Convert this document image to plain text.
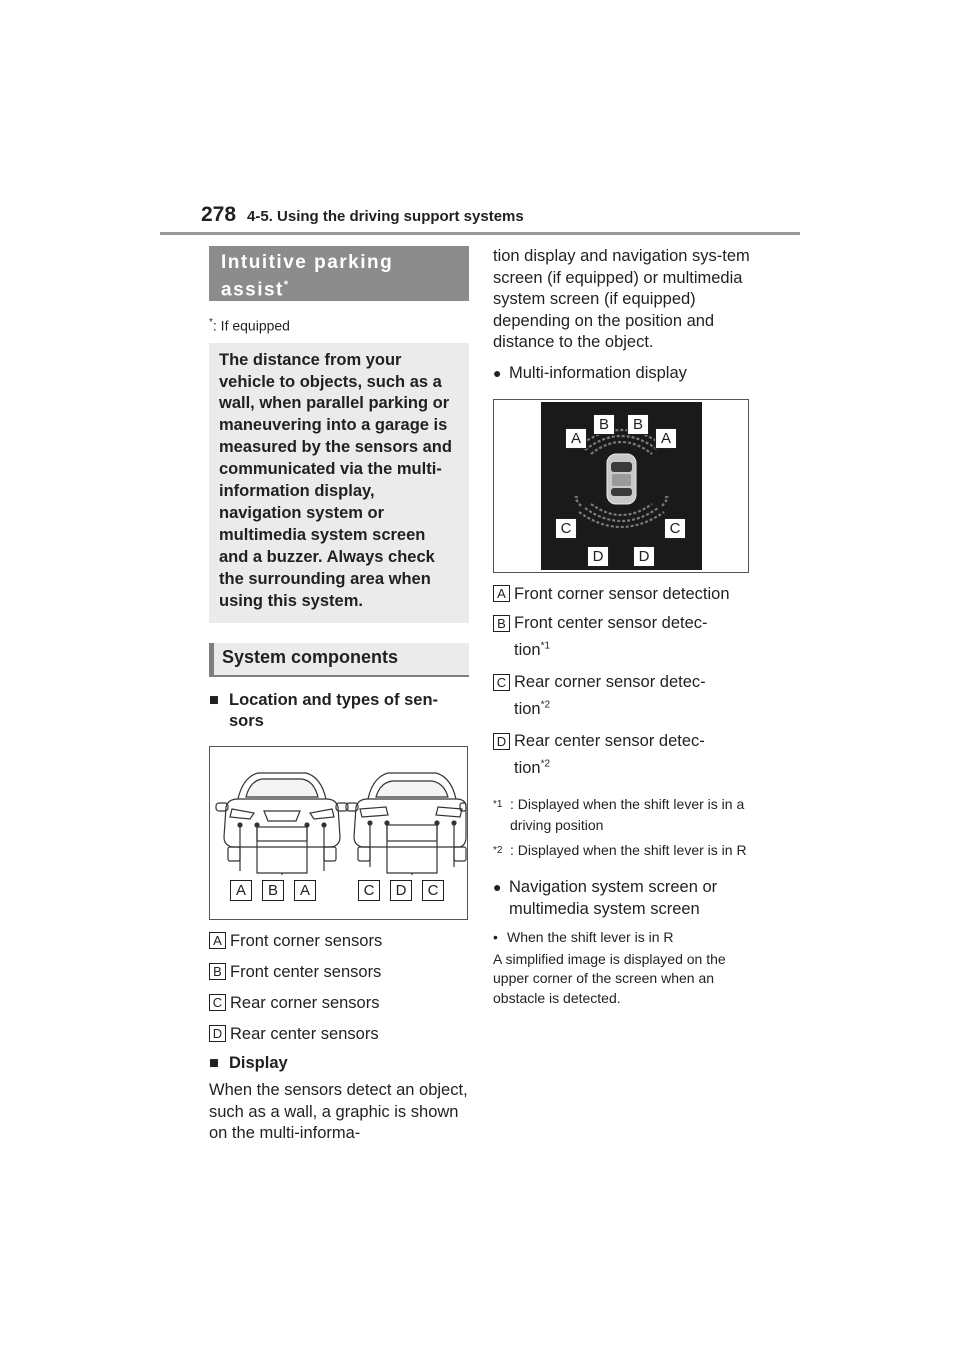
278 4-5. Using the driving support systems
Intuitive parking assist*
*: If equipped
The distance from your vehicle to objects, such as a wall, when parallel parking or maneuvering into a garage is measured by the sensors and communicated via the multi-information display, navigation system or multimedia system screen and a buzzer. Always check the surrounding area when using this system.
System components
■ Location and types of sen-
sors
A	B	A	C	D	C
A Front corner sensors
B Front center sensors
C Rear corner sensors
D Rear center sensors
■ Display
When the sensors detect an object, such as a wall, a graphic is shown on the multi-informa-
tion display and navigation sys-tem screen (if equipped) or multimedia system screen (if equipped) depending on the position and distance to the object.
● Multi-information display
B	B
A	A
C	C
D	D
A Front corner sensor detection
B Front center sensor detec-
tion$^{*1}$
C Rear corner sensor detec-
tion$^{*2}$
D Rear center sensor detec-
tion$^{*2}$
$^{*1}$ : Displayed when the shift lever is in a driving position
$^{*2}$ : Displayed when the shift lever is in R
● Navigation system screen or
multimedia system screen
• When the shift lever is in R
A simplified image is displayed on the upper corner of the screen when an obstacle is detected.
